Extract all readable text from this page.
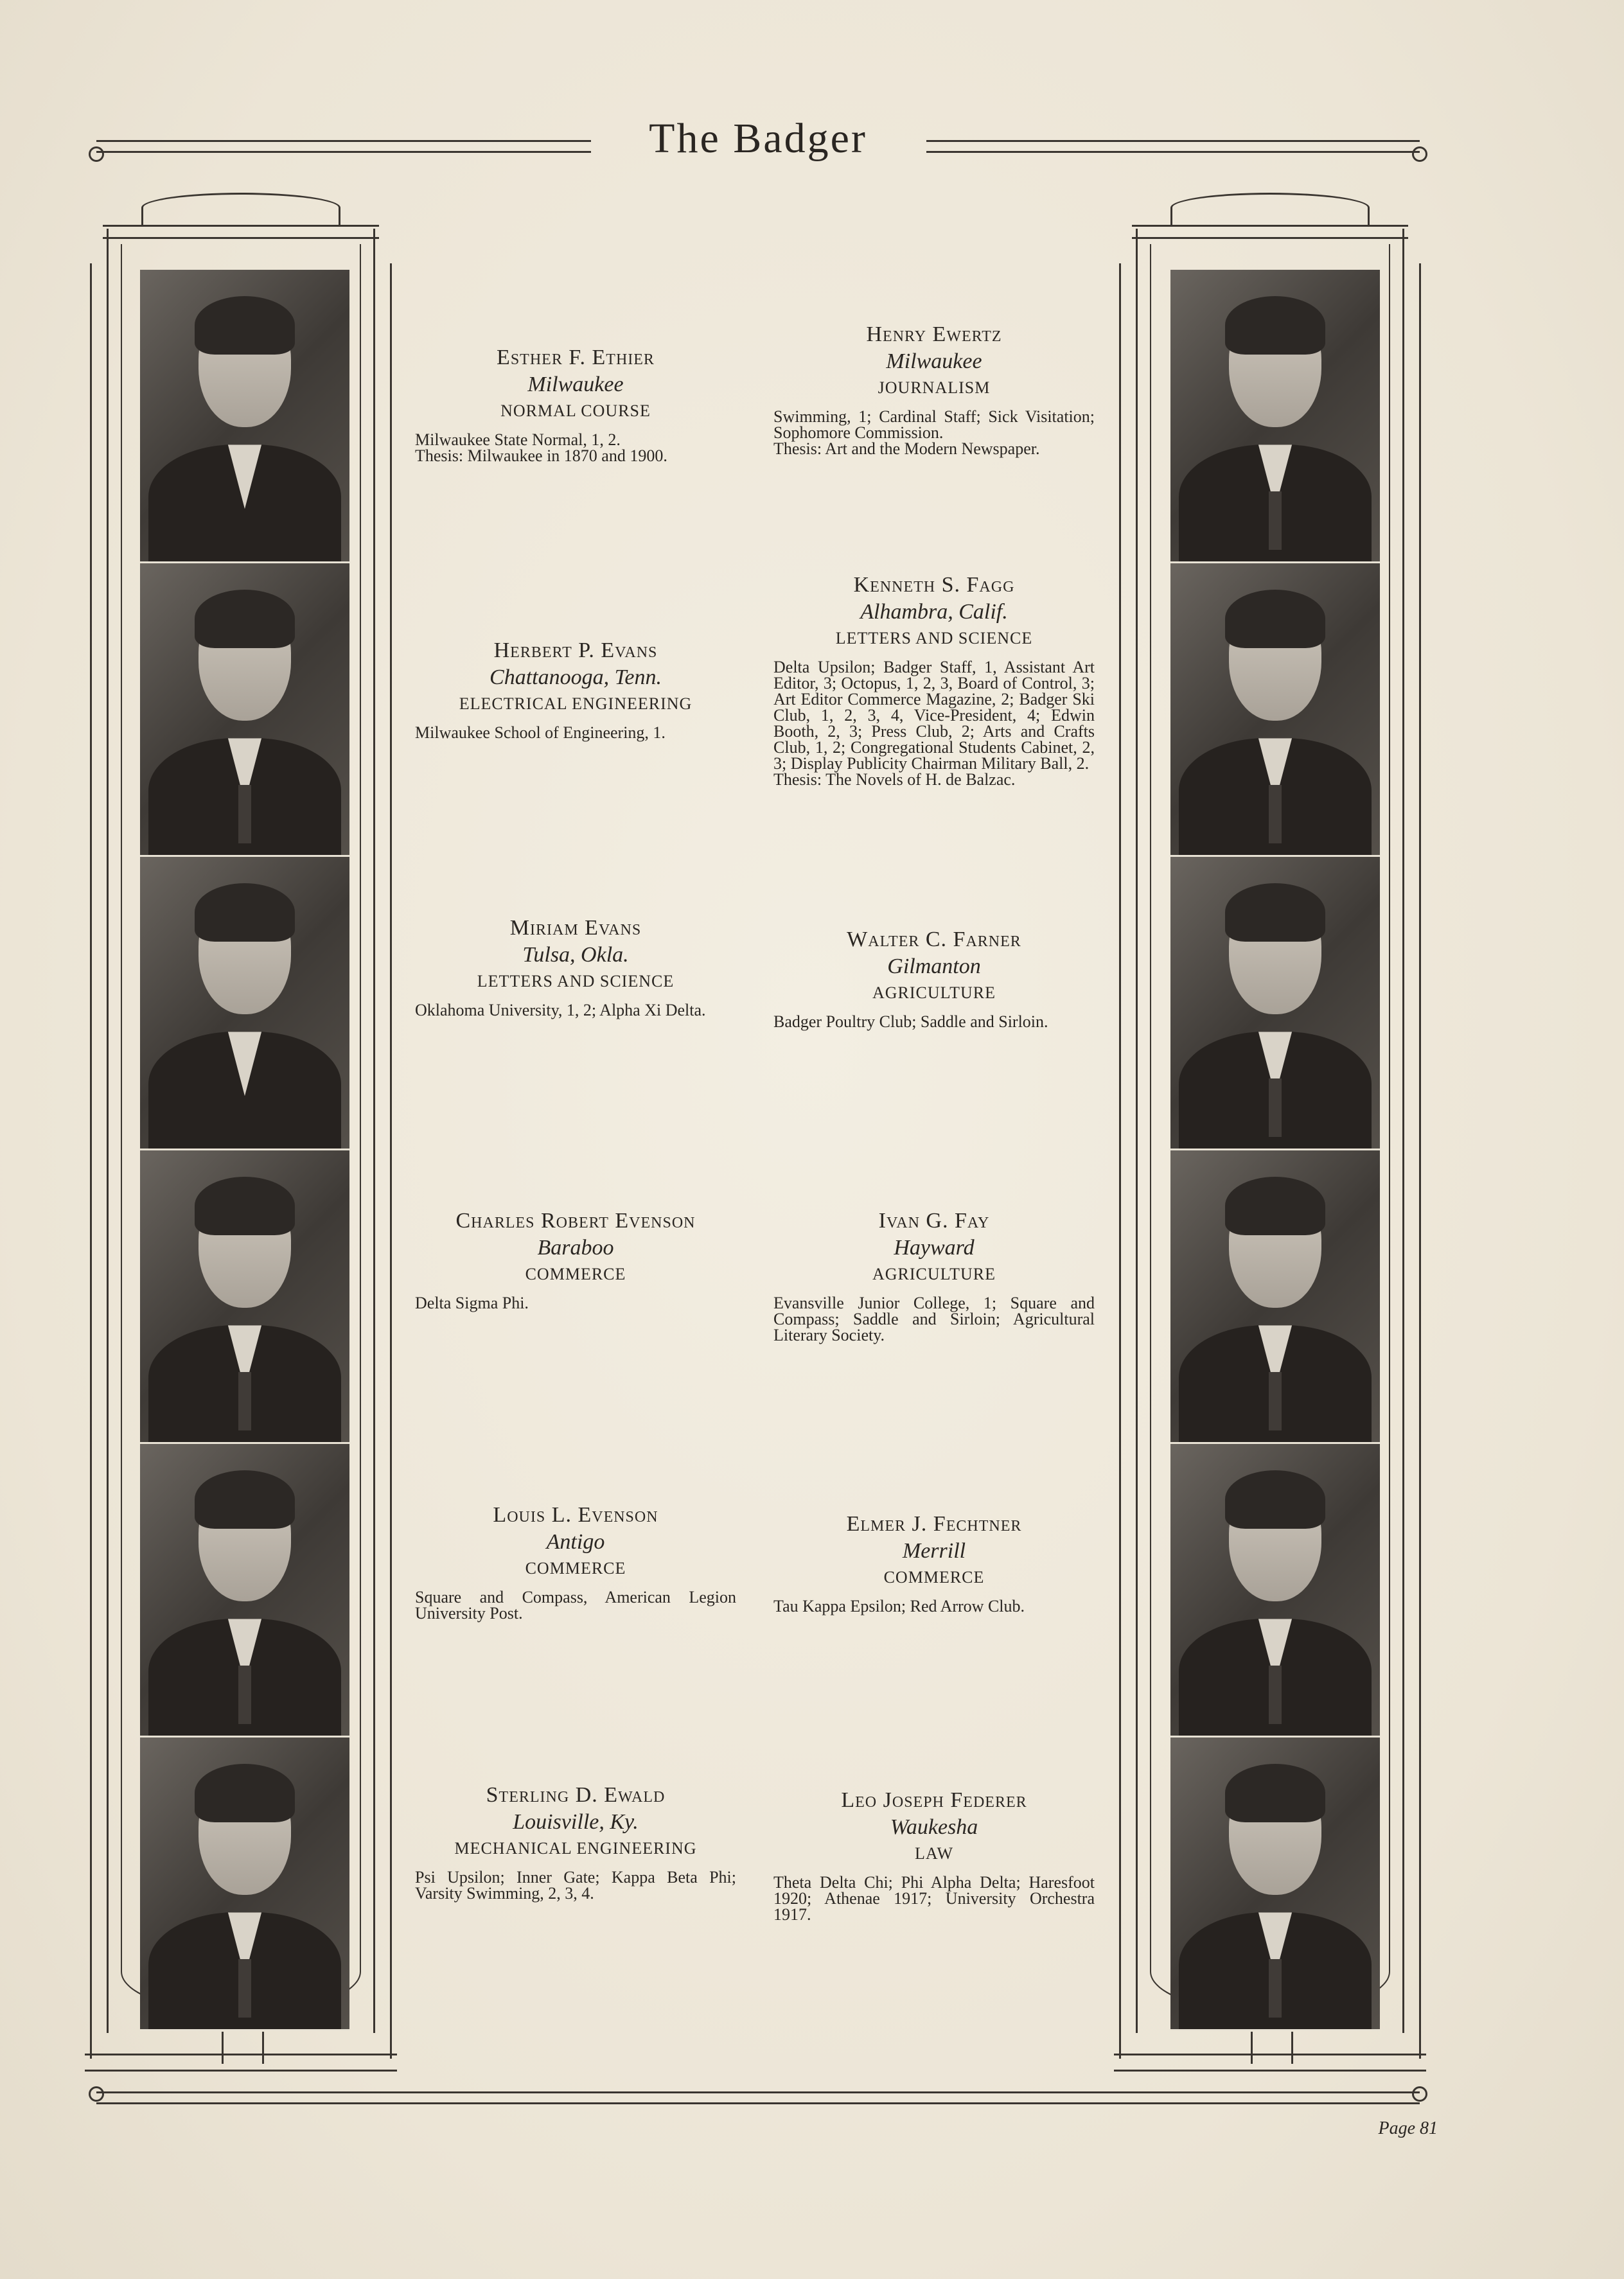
The Badger
Esther F. Ethier
Milwaukee
NORMAL COURSE
Milwaukee State Normal, 1, 2.
Thesis: Milwaukee in 1870 and 1900.
Herbert P. Evans
Chattanooga, Tenn.
ELECTRICAL ENGINEERING
Milwaukee School of Engineering, 1.
Miriam Evans
Tulsa, Okla.
LETTERS AND SCIENCE
Oklahoma University, 1, 2; Alpha Xi Delta.
Charles Robert Evenson
Baraboo
COMMERCE
Delta Sigma Phi.
Louis L. Evenson
Antigo
COMMERCE
Square and Compass, American Legion University Post.
Sterling D. Ewald
Louisville, Ky.
MECHANICAL ENGINEERING
Psi Upsilon; Inner Gate; Kappa Beta Phi; Varsity Swimming, 2, 3, 4.
Henry Ewertz
Milwaukee
JOURNALISM
Swimming, 1; Cardinal Staff; Sick Visitation; Sophomore Commission.
Thesis: Art and the Modern Newspaper.
Kenneth S. Fagg
Alhambra, Calif.
LETTERS AND SCIENCE
Delta Upsilon; Badger Staff, 1, Assistant Art Editor, 3; Octopus, 1, 2, 3, Board of Control, 3; Art Editor Commerce Magazine, 2; Badger Ski Club, 1, 2, 3, 4, Vice-President, 4; Edwin Booth, 2, 3; Press Club, 2; Arts and Crafts Club, 1, 2; Congregational Students Cabinet, 2, 3; Display Publicity Chairman Military Ball, 2.
Thesis: The Novels of H. de Balzac.
Walter C. Farner
Gilmanton
AGRICULTURE
Badger Poultry Club; Saddle and Sirloin.
Ivan G. Fay
Hayward
AGRICULTURE
Evansville Junior College, 1; Square and Compass; Saddle and Sirloin; Agricultural Literary Society.
Elmer J. Fechtner
Merrill
COMMERCE
Tau Kappa Epsilon; Red Arrow Club.
Leo Joseph Federer
Waukesha
LAW
Theta Delta Chi; Phi Alpha Delta; Haresfoot 1920; Athenae 1917; University Orchestra 1917.
Page 81
